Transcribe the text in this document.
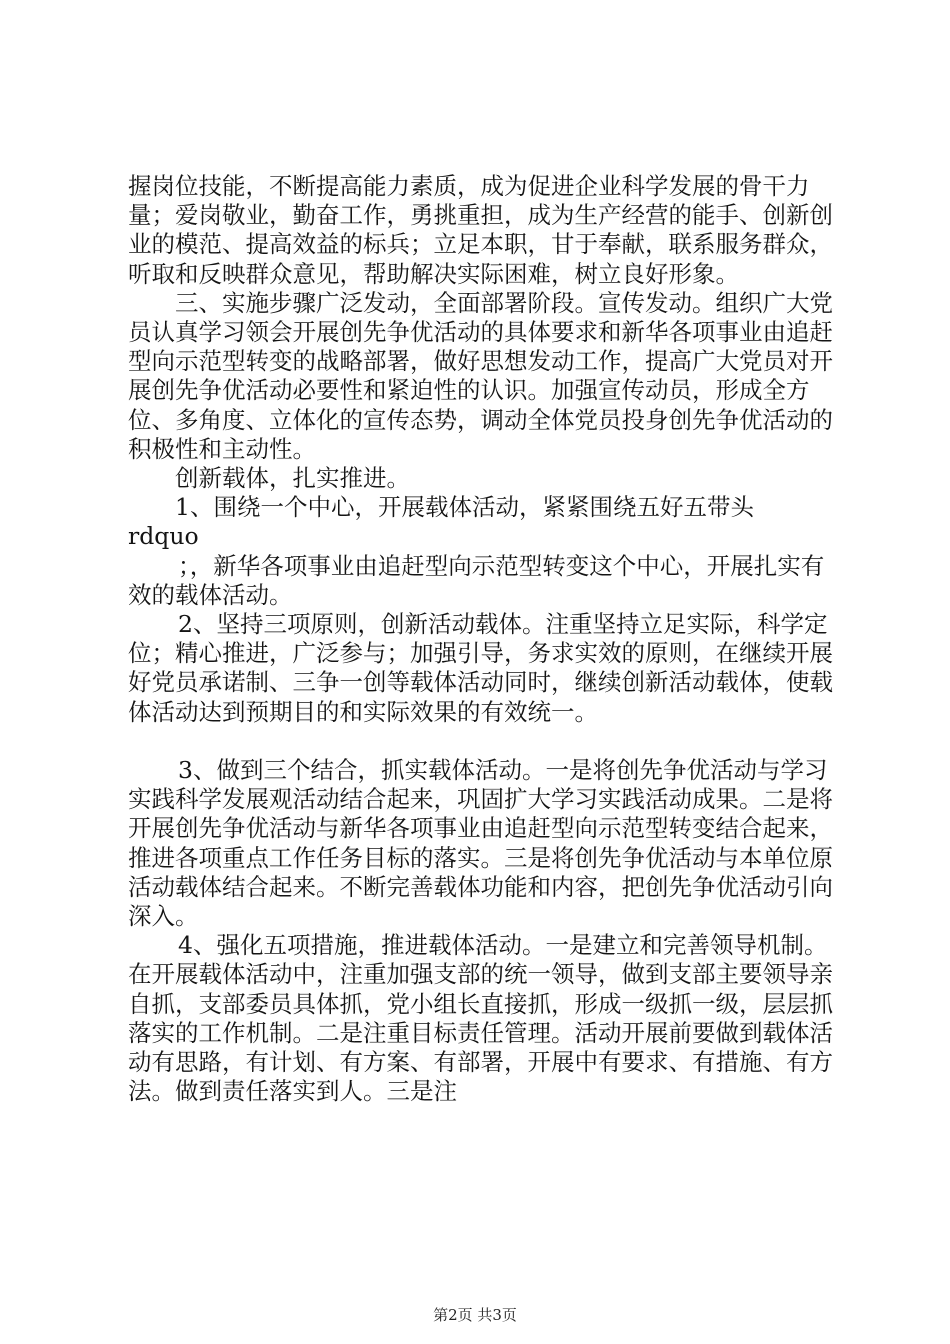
握岗位技能，不断提高能力素质，成为促进企业科学发展的骨干力量；爱岗敬业，勤奋工作，勇挑重担，成为生产经营的能手、创新创业的模范、提高效益的标兵；立足本职，甘于奉献，联系服务群众，听取和反映群众意见，帮助解决实际困难，树立良好形象。

三、实施步骤广泛发动，全面部署阶段。宣传发动。组织广大党员认真学习领会开展创先争优活动的具体要求和新华各项事业由追赶型向示范型转变的战略部署，做好思想发动工作，提高广大党员对开展创先争优活动必要性和紧迫性的认识。加强宣传动员，形成全方位、多角度、立体化的宣传态势，调动全体党员投身创先争优活动的积极性和主动性。

创新载体，扎实推进。

1、围绕一个中心，开展载体活动，紧紧围绕五好五带头

rdquo

；，新华各项事业由追赶型向示范型转变这个中心，开展扎实有效的载体活动。

2、坚持三项原则，创新活动载体。注重坚持立足实际，科学定位；精心推进，广泛参与；加强引导，务求实效的原则，在继续开展好党员承诺制、三争一创等载体活动同时，继续创新活动载体，使载体活动达到预期目的和实际效果的有效统一。

3、做到三个结合，抓实载体活动。一是将创先争优活动与学习实践科学发展观活动结合起来，巩固扩大学习实践活动成果。二是将开展创先争优活动与新华各项事业由追赶型向示范型转变结合起来，推进各项重点工作任务目标的落实。三是将创先争优活动与本单位原活动载体结合起来。不断完善载体功能和内容，把创先争优活动引向深入。

4、强化五项措施，推进载体活动。一是建立和完善领导机制。在开展载体活动中，注重加强支部的统一领导，做到支部主要领导亲自抓，支部委员具体抓，党小组长直接抓，形成一级抓一级，层层抓落实的工作机制。二是注重目标责任管理。活动开展前要做到载体活动有思路，有计划、有方案、有部署，开展中有要求、有措施、有方法。做到责任落实到人。三是注

第2页 共3页
